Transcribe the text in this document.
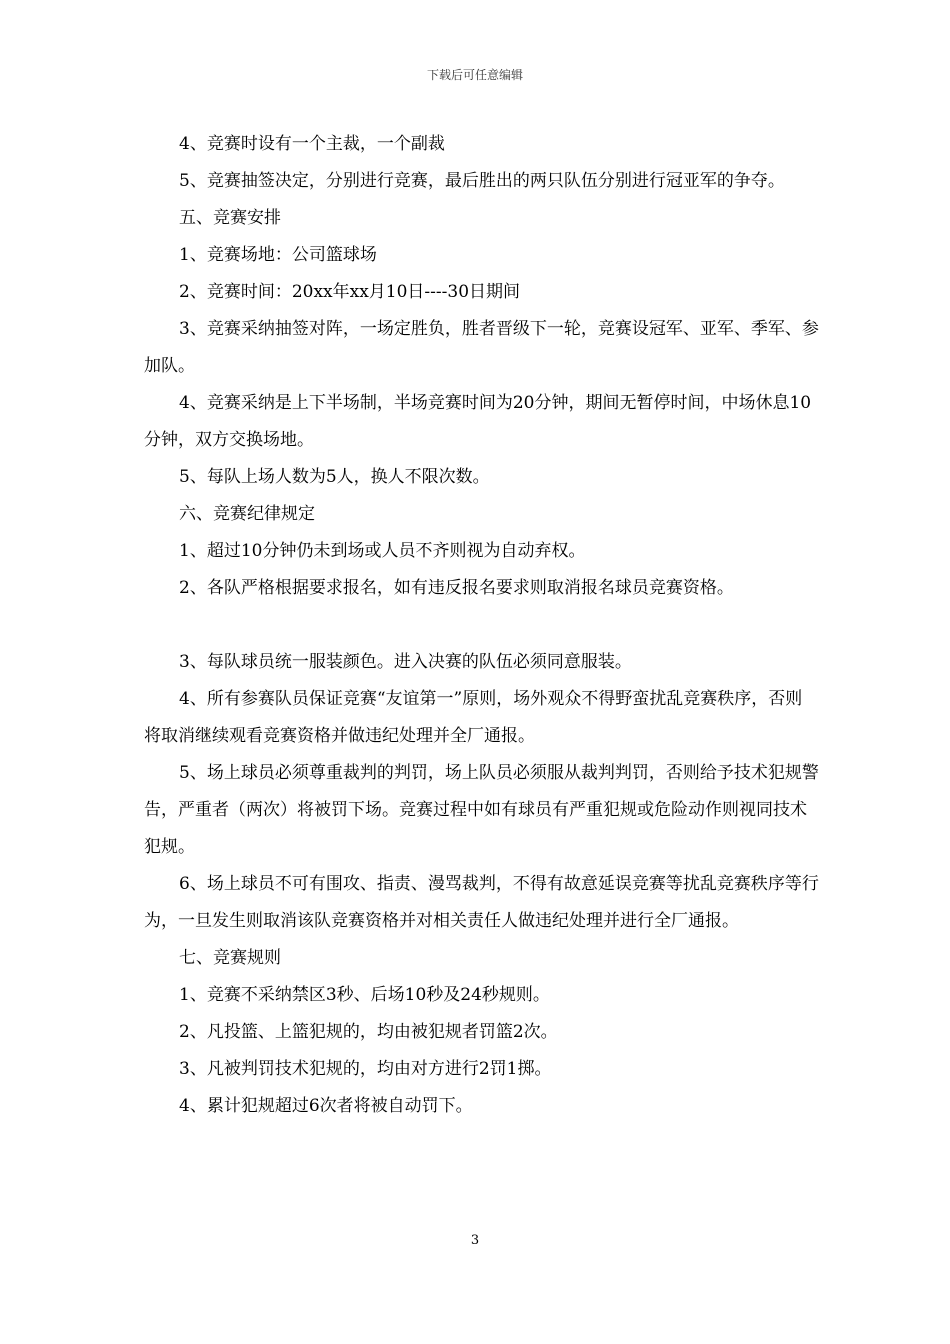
下载后可任意编辑

4、竞赛时设有一个主裁，一个副裁

5、竞赛抽签决定，分别进行竞赛，最后胜出的两只队伍分别进行冠亚军的争夺。

五、竞赛安排

1、竞赛场地：公司篮球场

2、竞赛时间：20xx年xx月10日----30日期间

3、竞赛采纳抽签对阵，一场定胜负，胜者晋级下一轮，竞赛设冠军、亚军、季军、参加队。

4、竞赛采纳是上下半场制，半场竞赛时间为20分钟，期间无暂停时间，中场休息10分钟，双方交换场地。

5、每队上场人数为5人，换人不限次数。

六、竞赛纪律规定

1、超过10分钟仍未到场或人员不齐则视为自动弃权。

2、各队严格根据要求报名，如有违反报名要求则取消报名球员竞赛资格。

3、每队球员统一服装颜色。进入决赛的队伍必须同意服装。

4、所有参赛队员保证竞赛“友谊第一”原则，场外观众不得野蛮扰乱竞赛秩序，否则将取消继续观看竞赛资格并做违纪处理并全厂通报。

5、场上球员必须尊重裁判的判罚，场上队员必须服从裁判判罚，否则给予技术犯规警告，严重者（两次）将被罚下场。竞赛过程中如有球员有严重犯规或危险动作则视同技术犯规。

6、场上球员不可有围攻、指责、漫骂裁判，不得有故意延误竞赛等扰乱竞赛秩序等行为，一旦发生则取消该队竞赛资格并对相关责任人做违纪处理并进行全厂通报。

七、竞赛规则

1、竞赛不采纳禁区3秒、后场10秒及24秒规则。

2、凡投篮、上篮犯规的，均由被犯规者罚篮2次。

3、凡被判罚技术犯规的，均由对方进行2罚1掷。

4、累计犯规超过6次者将被自动罚下。

3
